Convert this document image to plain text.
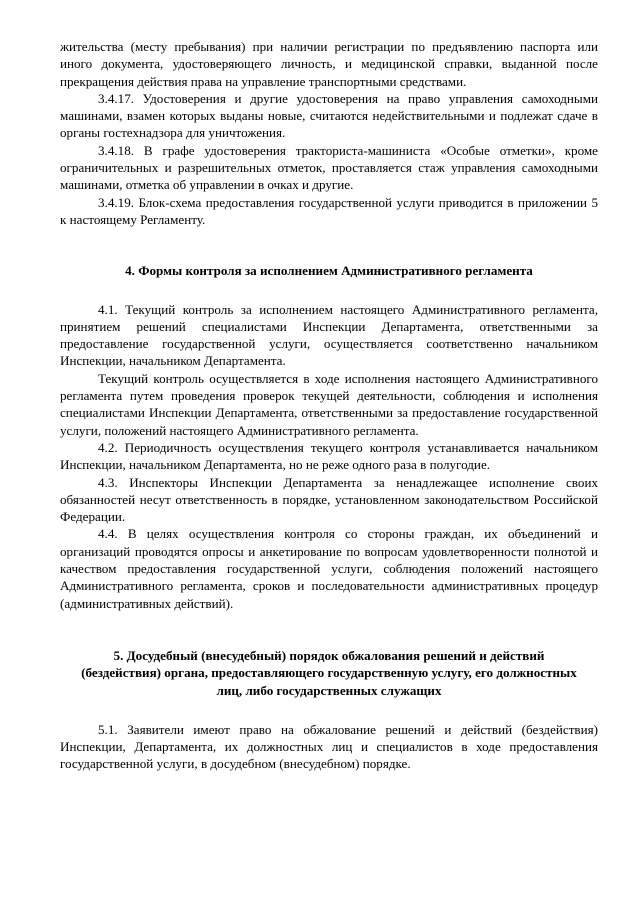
жительства (месту пребывания) при наличии регистрации по предъявлению паспорта или иного документа, удостоверяющего личность, и медицинской справки, выданной после прекращения действия права на управление транспортными средствами.

3.4.17. Удостоверения и другие удостоверения на право управления самоходными машинами, взамен которых выданы новые, считаются недействительными и подлежат сдаче в органы гостехнадзора для уничтожения.

3.4.18. В графе удостоверения тракториста-машиниста «Особые отметки», кроме ограничительных и разрешительных отметок, проставляется стаж управления самоходными машинами, отметка об управлении в очках и другие.

3.4.19. Блок-схема предоставления государственной услуги приводится в приложении 5 к настоящему Регламенту.

4. Формы контроля за исполнением Административного регламента

4.1. Текущий контроль за исполнением настоящего Административного регламента, принятием решений специалистами Инспекции Департамента, ответственными за предоставление государственной услуги, осуществляется соответственно начальником Инспекции, начальником Департамента.

Текущий контроль осуществляется в ходе исполнения настоящего Административного регламента путем проведения проверок текущей деятельности, соблюдения и исполнения специалистами Инспекции Департамента, ответственными за предоставление государственной услуги, положений настоящего Административного регламента.

4.2. Периодичность осуществления текущего контроля устанавливается начальником Инспекции, начальником Департамента, но не реже одного раза в полугодие.

4.3. Инспекторы Инспекции Департамента за ненадлежащее исполнение своих обязанностей несут ответственность в порядке, установленном законодательством Российской Федерации.

4.4. В целях осуществления контроля со стороны граждан, их объединений и организаций проводятся опросы и анкетирование по вопросам удовлетворенности полнотой и качеством предоставления государственной услуги, соблюдения положений настоящего Административного регламента, сроков и последовательности административных процедур (административных действий).

5. Досудебный (внесудебный) порядок обжалования решений и действий (бездействия) органа, предоставляющего государственную услугу, его должностных лиц, либо государственных служащих

5.1. Заявители имеют право на обжалование решений и действий (бездействия) Инспекции, Департамента, их должностных лиц и специалистов в ходе предоставления государственной услуги, в досудебном (внесудебном) порядке.
